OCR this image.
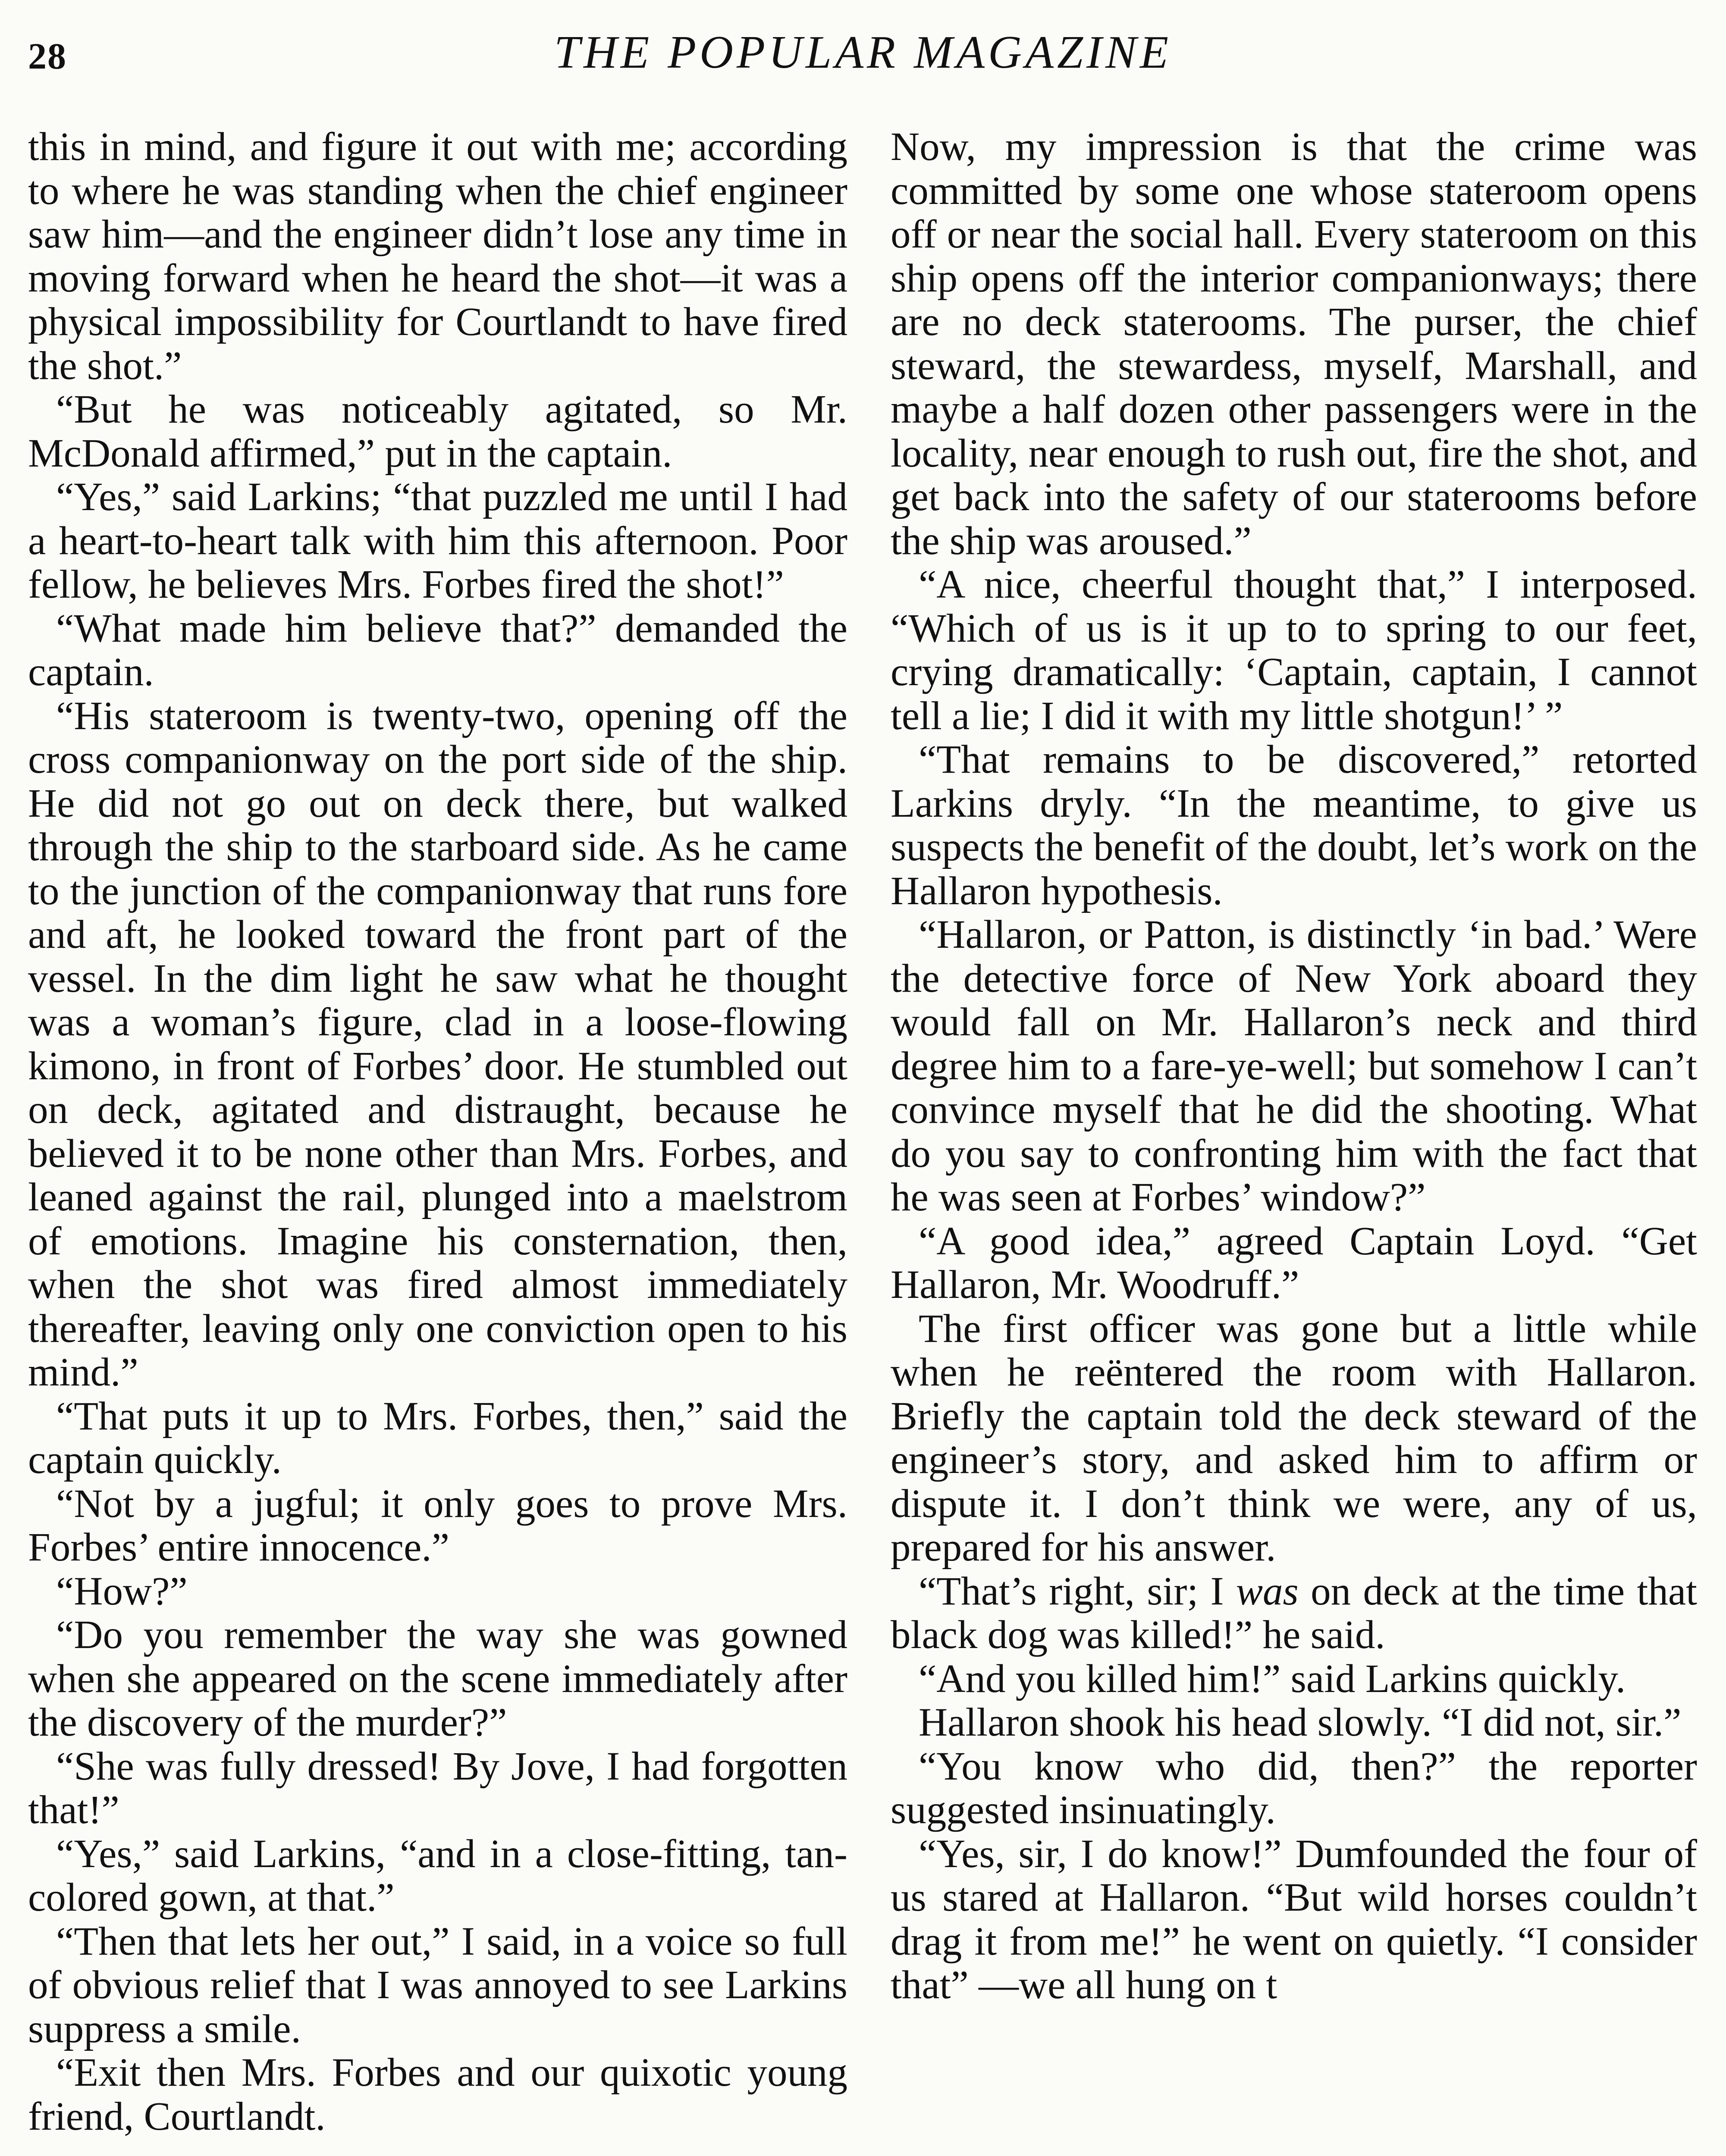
28	THE POPULAR MAGAZINE

this in mind, and figure it out with me; according to where he was standing when the chief engineer saw him—and the engineer didn’t lose any time in moving forward when he heard the shot—it was a physical impossibility for Courtlandt to have fired the shot.”

“But he was noticeably agitated, so Mr. McDonald affirmed,” put in the captain.

“Yes,” said Larkins; “that puzzled me until I had a heart-to-heart talk with him this afternoon. Poor fellow, he believes Mrs. Forbes fired the shot!”

“What made him believe that?” demanded the captain.

“His stateroom is twenty-two, opening off the cross companionway on the port side of the ship. He did not go out on deck there, but walked through the ship to the starboard side. As he came to the junction of the companionway that runs fore and aft, he looked toward the front part of the vessel. In the dim light he saw what he thought was a woman’s figure, clad in a loose-flowing kimono, in front of Forbes’ door. He stumbled out on deck, agitated and distraught, because he believed it to be none other than Mrs. Forbes, and leaned against the rail, plunged into a maelstrom of emotions. Imagine his consternation, then, when the shot was fired almost immediately thereafter, leaving only one conviction open to his mind.”

“That puts it up to Mrs. Forbes, then,” said the captain quickly.

“Not by a jugful; it only goes to prove Mrs. Forbes’ entire innocence.”

“How?”

“Do you remember the way she was gowned when she appeared on the scene immediately after the discovery of the murder?”

“She was fully dressed! By Jove, I had forgotten that!”

“Yes,” said Larkins, “and in a close-fitting, tan-colored gown, at that.”

“Then that lets her out,” I said, in a voice so full of obvious relief that I was annoyed to see Larkins suppress a smile.

“Exit then Mrs. Forbes and our quixotic young friend, Courtlandt.

Now, my impression is that the crime was committed by some one whose stateroom opens off or near the social hall. Every stateroom on this ship opens off the interior companionways; there are no deck staterooms. The purser, the chief steward, the stewardess, myself, Marshall, and maybe a half dozen other passengers were in the locality, near enough to rush out, fire the shot, and get back into the safety of our staterooms before the ship was aroused.”

“A nice, cheerful thought that,” I interposed. “Which of us is it up to to spring to our feet, crying dramatically: ‘Captain, captain, I cannot tell a lie; I did it with my little shotgun!’ ”

“That remains to be discovered,” retorted Larkins dryly. “In the meantime, to give us suspects the benefit of the doubt, let’s work on the Hallaron hypothesis.

“Hallaron, or Patton, is distinctly ‘in bad.’ Were the detective force of New York aboard they would fall on Mr. Hallaron’s neck and third degree him to a fare-ye-well; but somehow I can’t convince myself that he did the shooting. What do you say to confronting him with the fact that he was seen at Forbes’ window?”

“A good idea,” agreed Captain Loyd. “Get Hallaron, Mr. Woodruff.”

The first officer was gone but a little while when he reëntered the room with Hallaron. Briefly the captain told the deck steward of the engineer’s story, and asked him to affirm or dispute it. I don’t think we were, any of us, prepared for his answer.

“That’s right, sir; I was on deck at the time that black dog was killed!” he said.

“And you killed him!” said Larkins quickly.

Hallaron shook his head slowly. “I did not, sir.”

“You know who did, then?” the reporter suggested insinuatingly.

“Yes, sir, I do know!” Dumfounded the four of us stared at Hallaron. “But wild horses couldn’t drag it from me!” he went on quietly. “I consider that” —we all hung on t
